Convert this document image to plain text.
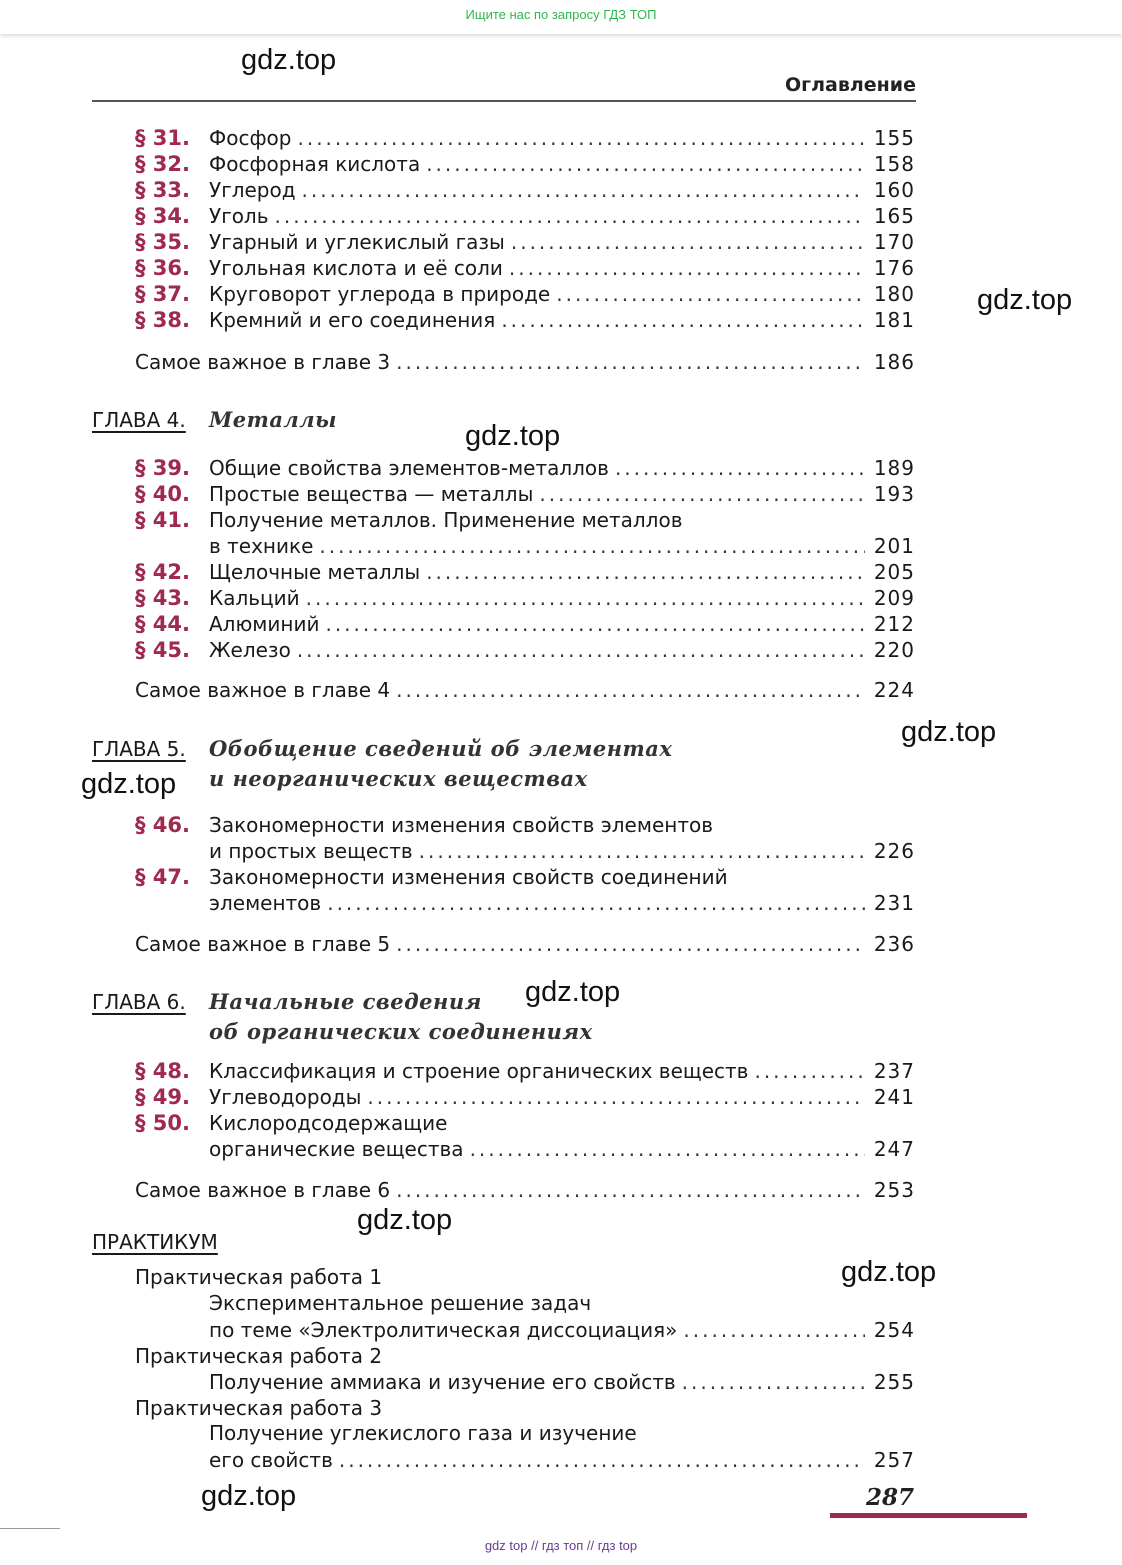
Ищите нас по запросу ГДЗ ТОП
gdz.top
gdz.top
gdz.top
gdz.top
gdz.top
gdz.top
gdz.top
gdz.top
gdz.top
Оглавление
§ 31. Фосфор .....	155
§ 32. Фосфорная кислота .....	158
§ 33. Углерод .....	160
§ 34. Уголь .....	165
§ 35. Угарный и углекислый газы .....	170
§ 36. Угольная кислота и её соли .....	176
§ 37. Круговорот углерода в природе .....	180
§ 38. Кремний и его соединения .....	181
Самое важное в главе 3 .....	186
ГЛАВА 4. Металлы
§ 39. Общие свойства элементов-металлов .....	189
§ 40. Простые вещества — металлы .....	193
§ 41. Получение металлов. Применение металлов
в технике .....	201
§ 42. Щелочные металлы .....	205
§ 43. Кальций .....	209
§ 44. Алюминий .....	212
§ 45. Железо .....	220
Самое важное в главе 4 .....	224
ГЛАВА 5. Обобщение сведений об элементах
и неорганических веществах
§ 46. Закономерности изменения свойств элементов
и простых веществ .....	226
§ 47. Закономерности изменения свойств соединений
элементов .....	231
Самое важное в главе 5 .....	236
ГЛАВА 6. Начальные сведения
об органических соединениях
§ 48. Классификация и строение органических веществ .....	237
§ 49. Углеводороды .....	241
§ 50. Кислородсодержащие
органические вещества .....	247
Самое важное в главе 6 .....	253
ПРАКТИКУМ
Практическая работа 1
Экспериментальное решение задач
по теме «Электролитическая диссоциация» .....	254
Практическая работа 2
Получение аммиака и изучение его свойств .....	255
Практическая работа 3
Получение углекислого газа и изучение
его свойств .....	257
287
gdz top // гдз топ // гдз top
